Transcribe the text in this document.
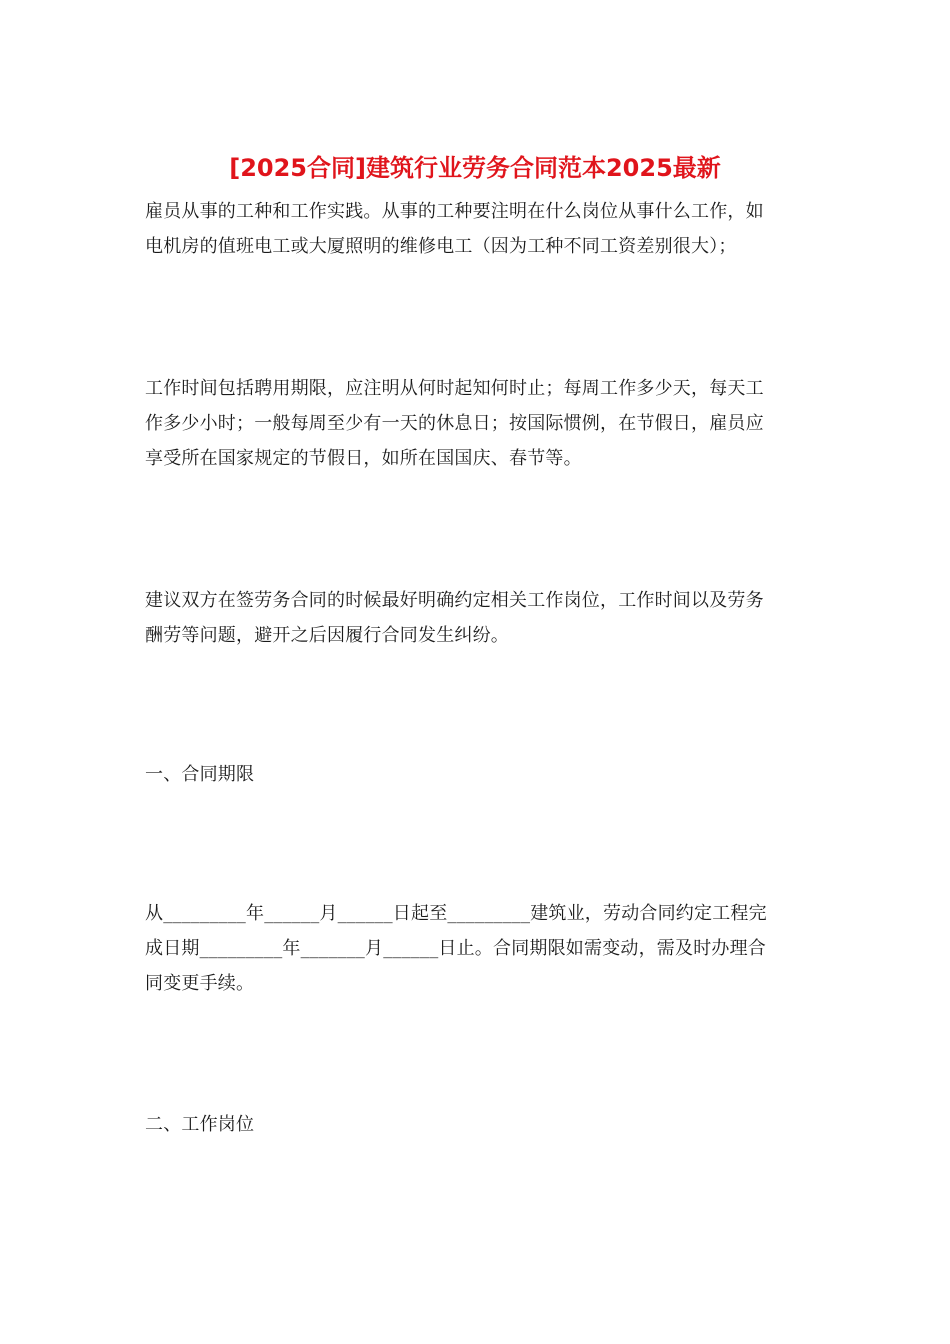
[2025合同]建筑行业劳务合同范本2025最新

雇员从事的工种和工作实践。从事的工种要注明在什么岗位从事什么工作，如
电机房的值班电工或大厦照明的维修电工（因为工种不同工资差别很大）；

工作时间包括聘用期限，应注明从何时起知何时止；每周工作多少天，每天工
作多少小时；一般每周至少有一天的休息日；按国际惯例，在节假日，雇员应
享受所在国家规定的节假日，如所在国国庆、春节等。

建议双方在签劳务合同的时候最好明确约定相关工作岗位，工作时间以及劳务
酬劳等问题，避开之后因履行合同发生纠纷。

一、合同期限

从_________年______月______日起至_________建筑业，劳动合同约定工程完
成日期_________年_______月______日止。合同期限如需变动，需及时办理合
同变更手续。

二、工作岗位
